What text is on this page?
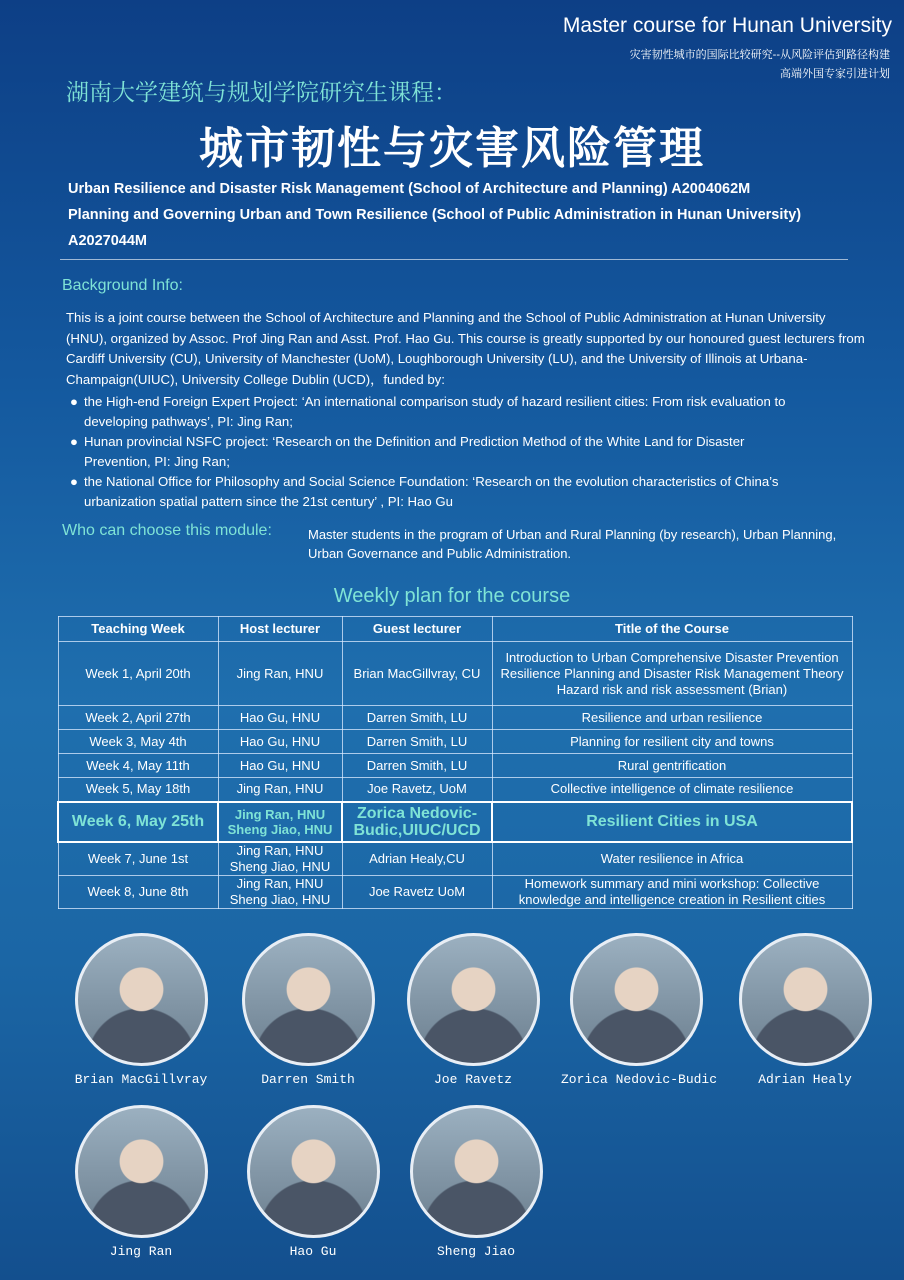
Master course for Hunan University
灾害韧性城市的国际比较研究--从风险评估到路径构建
高端外国专家引进计划
湖南大学建筑与规划学院研究生课程：
城市韧性与灾害风险管理

Urban Resilience and Disaster Risk Management (School of Architecture and Planning) A2004062M

Planning and Governing Urban and Town Resilience (School of Public Administration in Hunan University) A2027044M

Background Info:
This is a joint course between the School of Architecture and Planning and the School of Public Administration at Hunan University (HNU), organized by Assoc. Prof Jing Ran and Asst. Prof. Hao Gu. This course is greatly supported by our honoured guest lecturers from Cardiff University (CU), University of Manchester (UoM), Loughborough University (LU), and the University of Illinois at Urbana-Champaign(UIUC), University College Dublin (UCD)，funded by:
● the High-end Foreign Expert Project: ‘An international comparison study of hazard resilient cities: From risk evaluation to developing pathways’, PI: Jing Ran;
● Hunan provincial NSFC project: ‘Research on the Definition and Prediction Method of the White Land for Disaster Prevention, PI: Jing Ran;
● the National Office for Philosophy and Social Science Foundation: ‘Research on the evolution characteristics of China’s urbanization spatial pattern since the 21st century’ , PI: Hao Gu
Who can choose this module:	Master students in the program of Urban and Rural Planning (by research), Urban Planning, Urban Governance and Public Administration.
Weekly plan for the course
Teaching Week	Host lecturer	Guest lecturer	Title of the Course
Week 1, April 20th	Jing Ran, HNU	Brian MacGillvray, CU	Introduction to Urban Comprehensive Disaster Prevention Resilience Planning and Disaster Risk Management Theory Hazard risk and risk assessment (Brian)
Week 2, April 27th	Hao Gu, HNU	Darren Smith, LU	Resilience and urban resilience
Week 3, May 4th	Hao Gu, HNU	Darren Smith, LU	Planning for resilient city and towns
Week 4, May 11th	Hao Gu, HNU	Darren Smith, LU	Rural gentrification
Week 5, May 18th	Jing Ran, HNU	Joe Ravetz, UoM	Collective intelligence of climate resilience
Week 6, May 25th	Jing Ran, HNU Sheng Jiao, HNU	Zorica Nedovic-Budic,UIUC/UCD	Resilient Cities in USA
Week 7, June 1st	Jing Ran, HNU Sheng Jiao, HNU	Adrian Healy,CU	Water resilience in Africa
Week 8, June 8th	Jing Ran, HNU Sheng Jiao, HNU	Joe Ravetz UoM	Homework summary and mini workshop: Collective knowledge and intelligence creation in Resilient cities
Brian MacGillvray	Darren Smith	Joe Ravetz	Zorica Nedovic-Budic	Adrian Healy
Jing Ran	Hao Gu	Sheng Jiao
